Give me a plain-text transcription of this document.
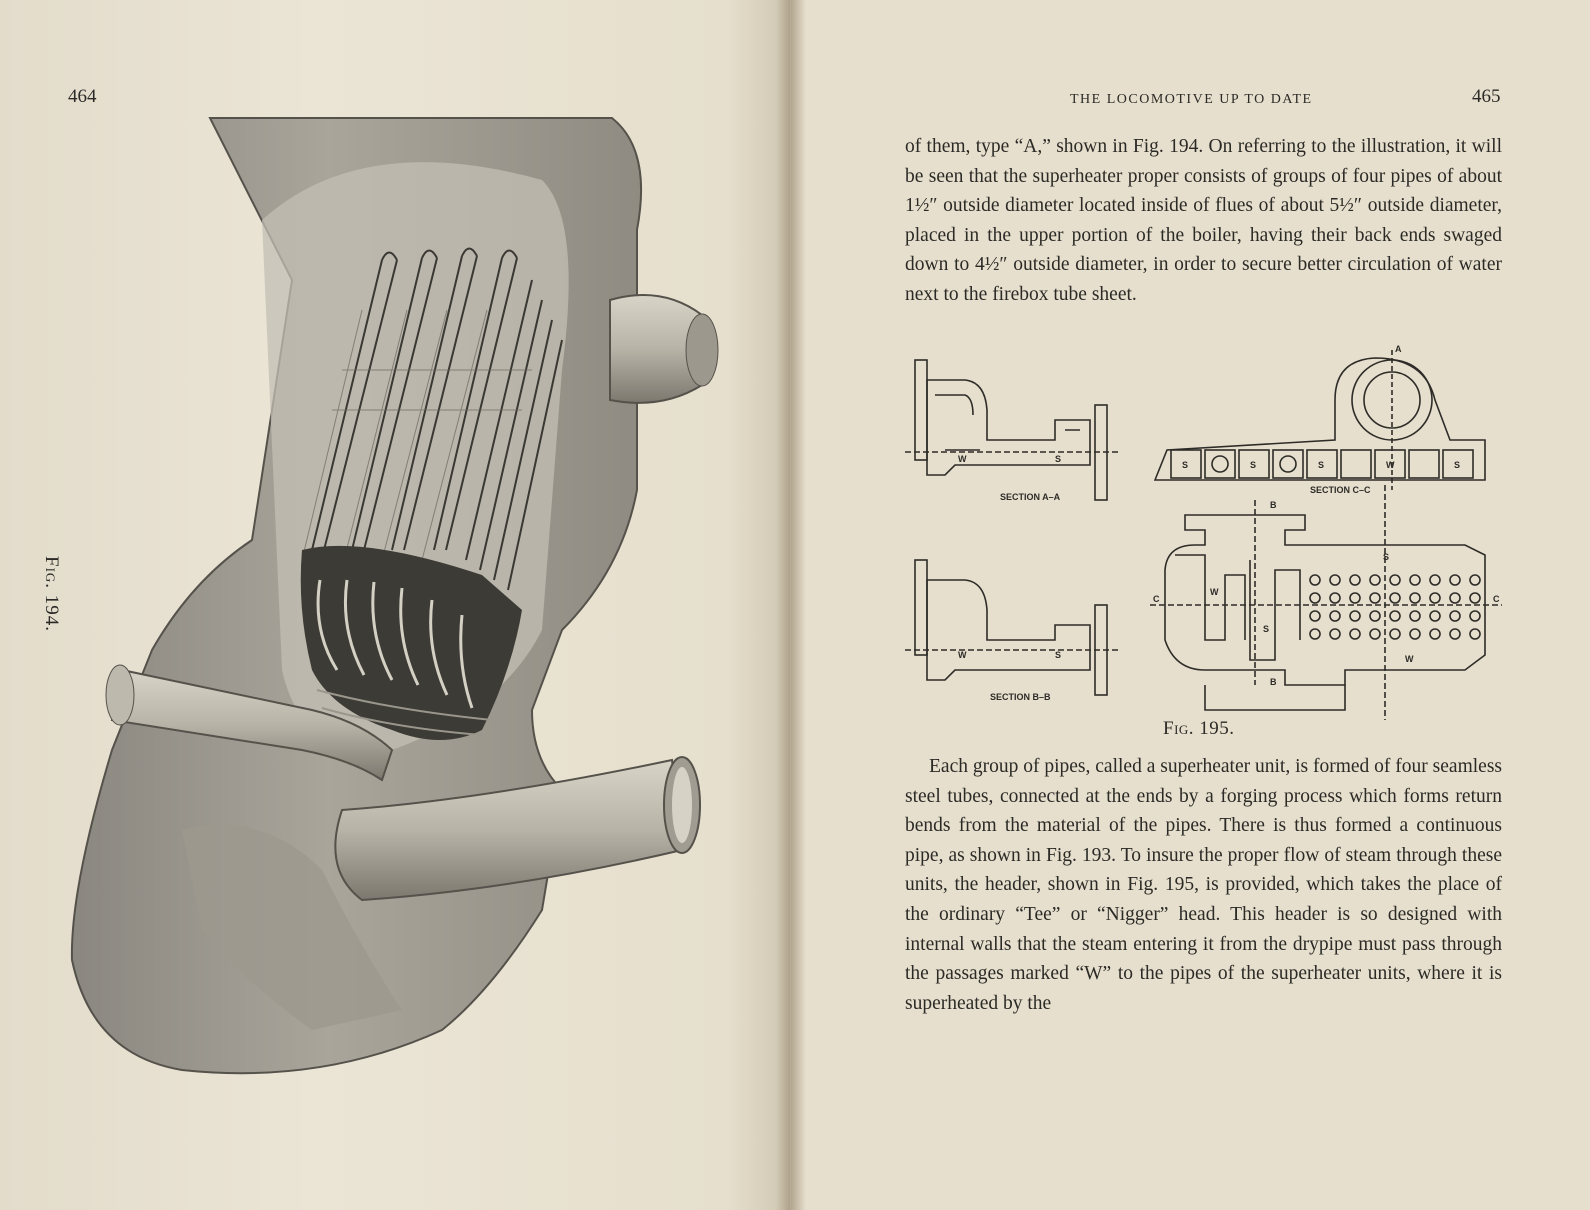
464
Fig. 194.
THE LOCOMOTIVE UP TO DATE	465

of them, type “A,” shown in Fig. 194. On referring to the illustration, it will be seen that the superheater proper consists of groups of four pipes of about 1½″ outside diameter located inside of flues of about 5½″ outside diameter, placed in the upper portion of the boiler, having their back ends swaged down to 4½″ outside diameter, in order to secure better circulation of water next to the firebox tube sheet.

SECTION A–A
SECTION B–B
SECTION C–C
W	S
W	S
S	S	S	W	S
S
W
S
W
A
B
B
C	C
Fig. 195.

Each group of pipes, called a superheater unit, is formed of four seamless steel tubes, connected at the ends by a forging process which forms return bends from the material of the pipes. There is thus formed a continuous pipe, as shown in Fig. 193. To insure the proper flow of steam through these units, the header, shown in Fig. 195, is provided, which takes the place of the ordinary “Tee” or “Nigger” head. This header is so designed with internal walls that the steam entering it from the drypipe must pass through the passages marked “W” to the pipes of the superheater units, where it is superheated by the
